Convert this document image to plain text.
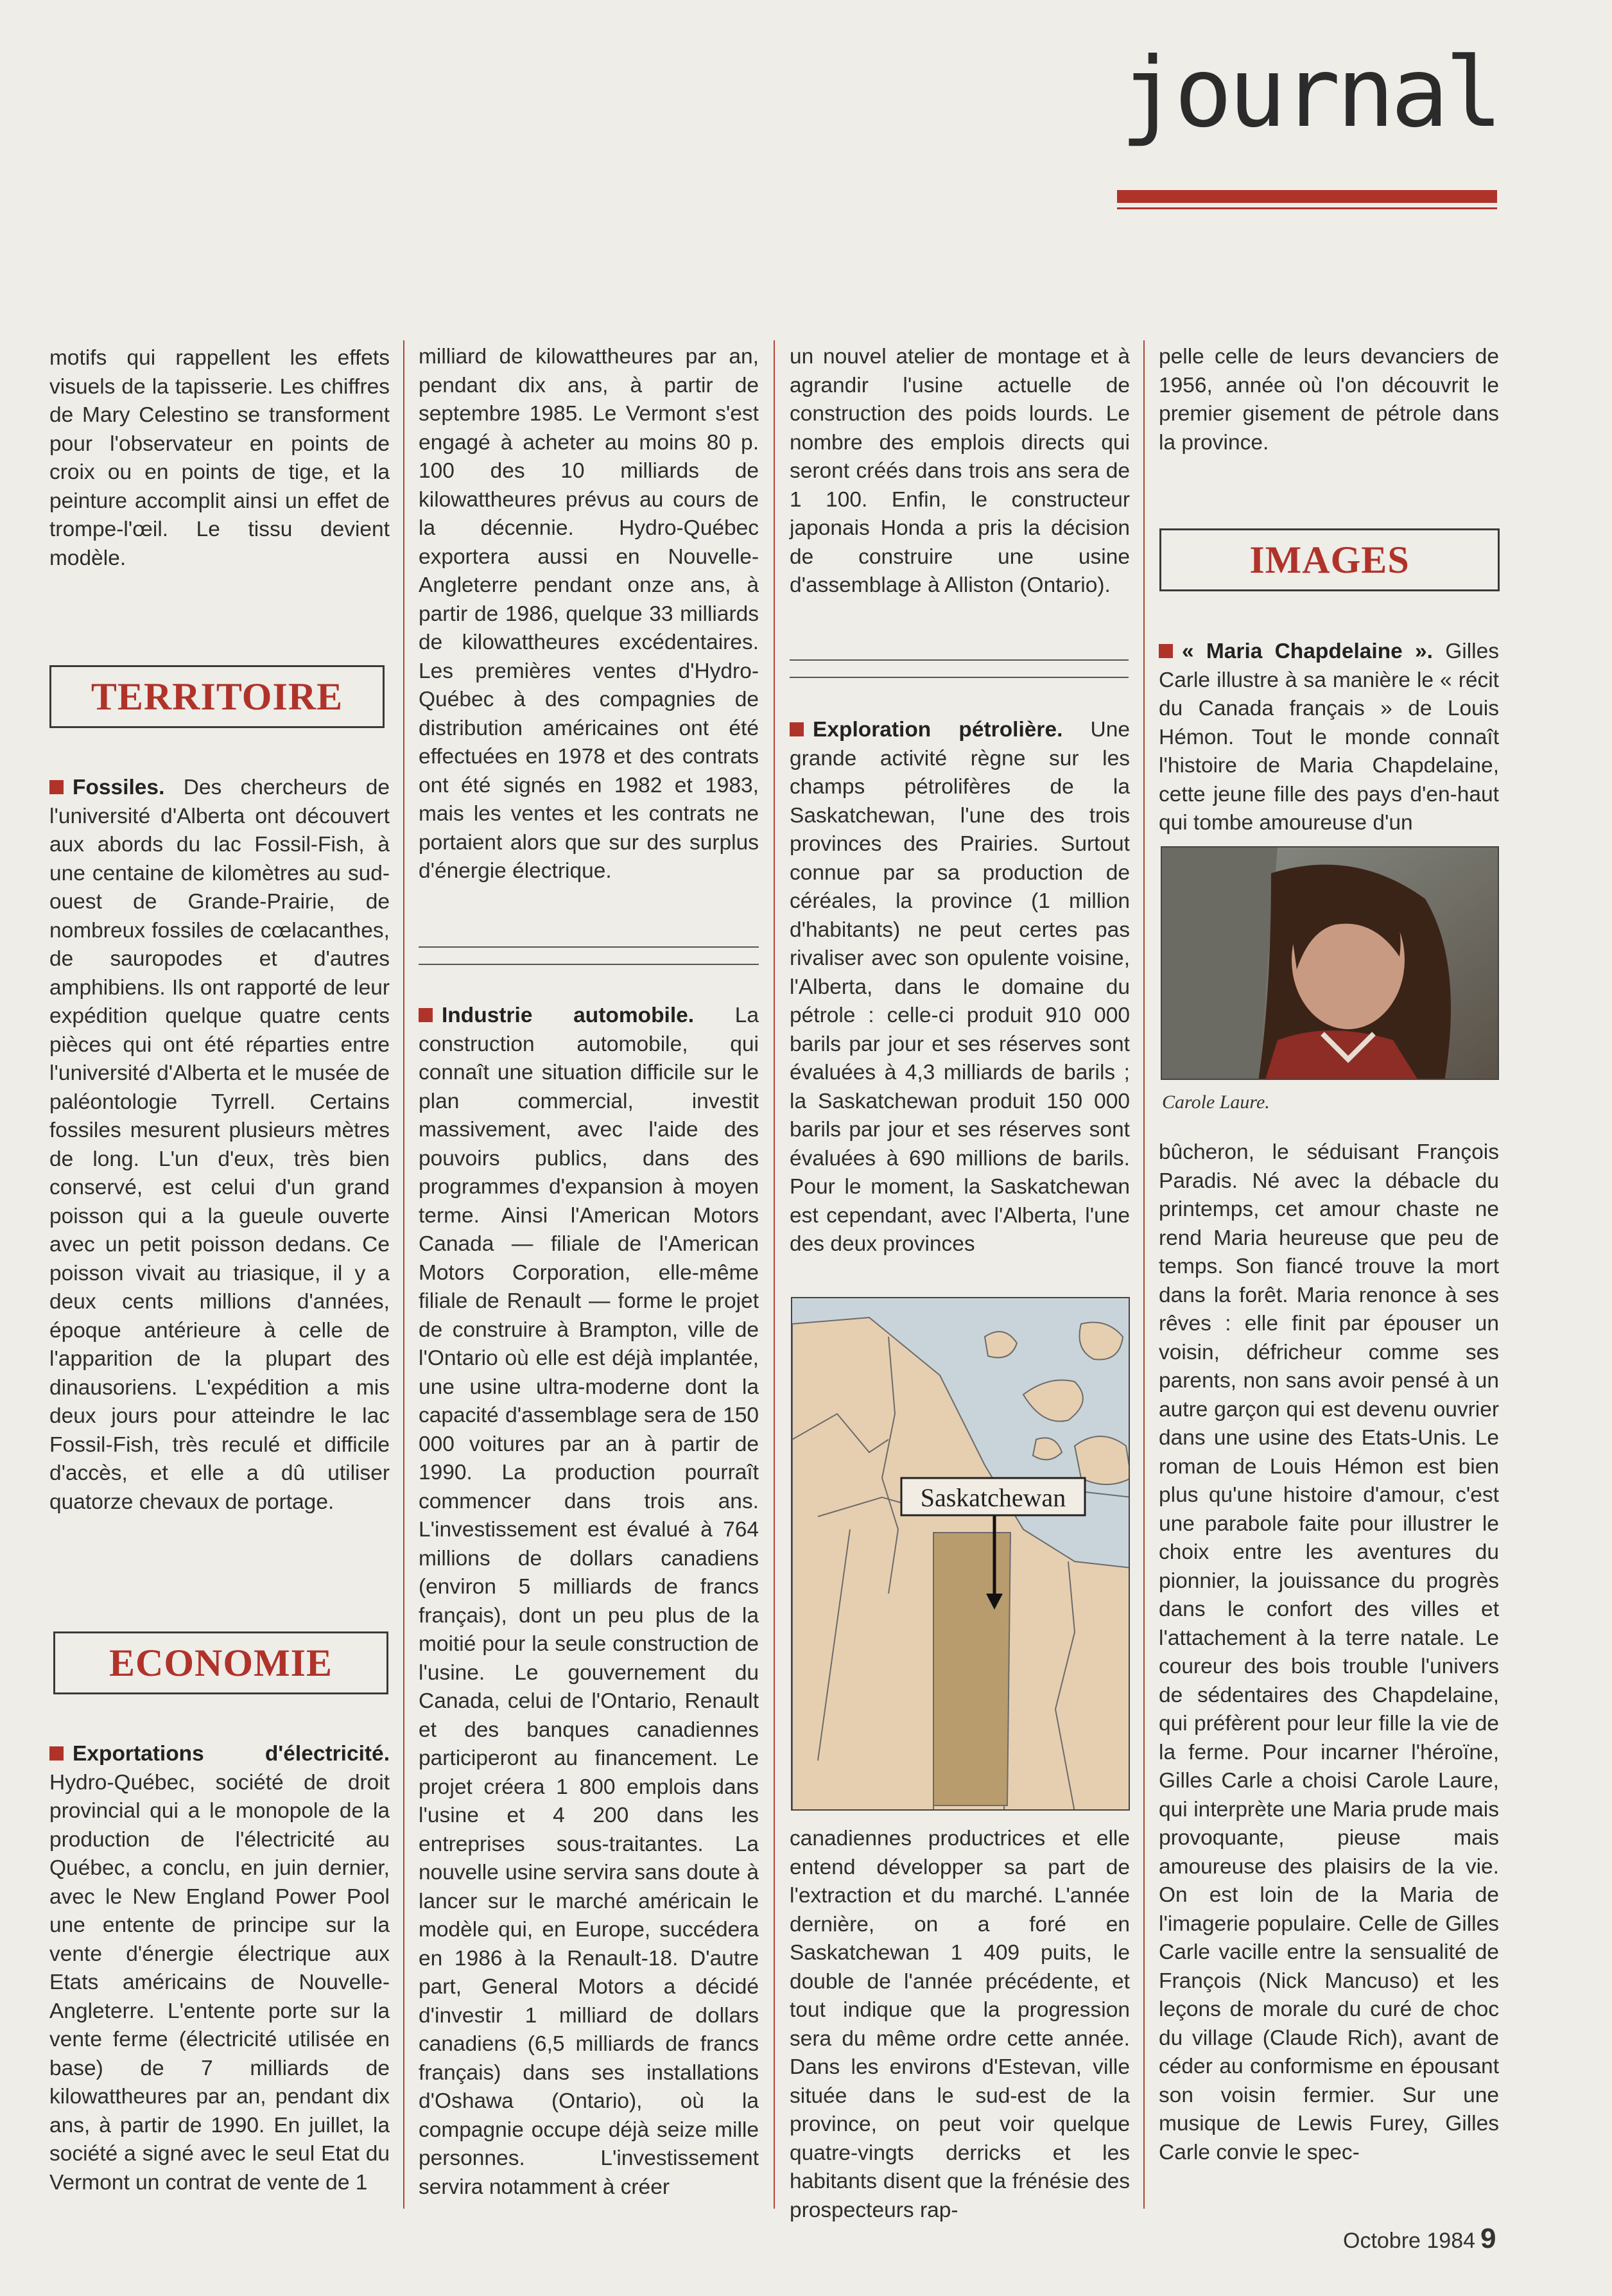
journal

motifs qui rappellent les effets visuels de la tapisserie. Les chiffres de Mary Celestino se transforment pour l'observateur en points de croix ou en points de tige, et la peinture accomplit ainsi un effet de trompe-l'œil. Le tissu devient modèle.

TERRITOIRE

Fossiles. Des chercheurs de l'université d'Alberta ont découvert aux abords du lac Fossil-Fish, à une centaine de kilomètres au sud-ouest de Grande-Prairie, de nombreux fossiles de cœlacanthes, de sauropodes et d'autres amphibiens. Ils ont rapporté de leur expédition quelque quatre cents pièces qui ont été réparties entre l'université d'Alberta et le musée de paléontologie Tyrrell. Certains fossiles mesurent plusieurs mètres de long. L'un d'eux, très bien conservé, est celui d'un grand poisson qui a la gueule ouverte avec un petit poisson dedans. Ce poisson vivait au triasique, il y a deux cents millions d'années, époque antérieure à celle de l'apparition de la plupart des dinausoriens. L'expédition a mis deux jours pour atteindre le lac Fossil-Fish, très reculé et difficile d'accès, et elle a dû utiliser quatorze chevaux de portage.

ECONOMIE

Exportations d'électricité. Hydro-Québec, société de droit provincial qui a le monopole de la production de l'électricité au Québec, a conclu, en juin dernier, avec le New England Power Pool une entente de principe sur la vente d'énergie électrique aux Etats américains de Nouvelle-Angleterre. L'entente porte sur la vente ferme (électricité utilisée en base) de 7 milliards de kilowattheures par an, pendant dix ans, à partir de 1990. En juillet, la société a signé avec le seul Etat du Vermont un contrat de vente de 1

milliard de kilowattheures par an, pendant dix ans, à partir de septembre 1985. Le Vermont s'est engagé à acheter au moins 80 p. 100 des 10 milliards de kilowattheures prévus au cours de la décennie. Hydro-Québec exportera aussi en Nouvelle-Angleterre pendant onze ans, à partir de 1986, quelque 33 milliards de kilowattheures excédentaires. Les premières ventes d'Hydro-Québec à des compagnies de distribution américaines ont été effectuées en 1978 et des contrats ont été signés en 1982 et 1983, mais les ventes et les contrats ne portaient alors que sur des surplus d'énergie électrique.

Industrie automobile. La construction automobile, qui connaît une situation difficile sur le plan commercial, investit massivement, avec l'aide des pouvoirs publics, dans des programmes d'expansion à moyen terme. Ainsi l'American Motors Canada — filiale de l'American Motors Corporation, elle-même filiale de Renault — forme le projet de construire à Brampton, ville de l'Ontario où elle est déjà implantée, une usine ultra-moderne dont la capacité d'assemblage sera de 150 000 voitures par an à partir de 1990. La production pourraît commencer dans trois ans. L'investissement est évalué à 764 millions de dollars canadiens (environ 5 milliards de francs français), dont un peu plus de la moitié pour la seule construction de l'usine. Le gouvernement du Canada, celui de l'Ontario, Renault et des banques canadiennes participeront au financement. Le projet créera 1 800 emplois dans l'usine et 4 200 dans les entreprises sous-traitantes. La nouvelle usine servira sans doute à lancer sur le marché américain le modèle qui, en Europe, succédera en 1986 à la Renault-18. D'autre part, General Motors a décidé d'investir 1 milliard de dollars canadiens (6,5 milliards de francs français) dans ses installations d'Oshawa (Ontario), où la compagnie occupe déjà seize mille personnes. L'investissement servira notamment à créer

un nouvel atelier de montage et à agrandir l'usine actuelle de construction des poids lourds. Le nombre des emplois directs qui seront créés dans trois ans sera de 1 100. Enfin, le constructeur japonais Honda a pris la décision de construire une usine d'assemblage à Alliston (Ontario).

Exploration pétrolière. Une grande activité règne sur les champs pétrolifères de la Saskatchewan, l'une des trois provinces des Prairies. Surtout connue par sa production de céréales, la province (1 million d'habitants) ne peut certes pas rivaliser avec son opulente voisine, l'Alberta, dans le domaine du pétrole : celle-ci produit 910 000 barils par jour et ses réserves sont évaluées à 4,3 milliards de barils ; la Saskatchewan produit 150 000 barils par jour et ses réserves sont évaluées à 690 millions de barils. Pour le moment, la Saskatchewan est cependant, avec l'Alberta, l'une des deux provinces

Saskatchewan

canadiennes productrices et elle entend développer sa part de l'extraction et du marché. L'année dernière, on a foré en Saskatchewan 1 409 puits, le double de l'année précédente, et tout indique que la progression sera du même ordre cette année. Dans les environs d'Estevan, ville située dans le sud-est de la province, on peut voir quelque quatre-vingts derricks et les habitants disent que la frénésie des prospecteurs rap-

pelle celle de leurs devanciers de 1956, année où l'on découvrit le premier gisement de pétrole dans la province.

IMAGES

« Maria Chapdelaine ». Gilles Carle illustre à sa manière le « récit du Canada français » de Louis Hémon. Tout le monde connaît l'histoire de Maria Chapdelaine, cette jeune fille des pays d'en-haut qui tombe amoureuse d'un

Carole Laure.

bûcheron, le séduisant François Paradis. Né avec la débacle du printemps, cet amour chaste ne rend Maria heureuse que peu de temps. Son fiancé trouve la mort dans la forêt. Maria renonce à ses rêves : elle finit par épouser un voisin, défricheur comme ses parents, non sans avoir pensé à un autre garçon qui est devenu ouvrier dans une usine des Etats-Unis. Le roman de Louis Hémon est bien plus qu'une histoire d'amour, c'est une parabole faite pour illustrer le choix entre les aventures du pionnier, la jouissance du progrès dans le confort des villes et l'attachement à la terre natale. Le coureur des bois trouble l'univers de sédentaires des Chapdelaine, qui préfèrent pour leur fille la vie de la ferme. Pour incarner l'héroïne, Gilles Carle a choisi Carole Laure, qui interprète une Maria prude mais provoquante, pieuse mais amoureuse des plaisirs de la vie. On est loin de la Maria de l'imagerie populaire. Celle de Gilles Carle vacille entre la sensualité de François (Nick Mancuso) et les leçons de morale du curé de choc du village (Claude Rich), avant de céder au conformisme en épousant son voisin fermier. Sur une musique de Lewis Furey, Gilles Carle convie le spec-

Octobre 1984 9
